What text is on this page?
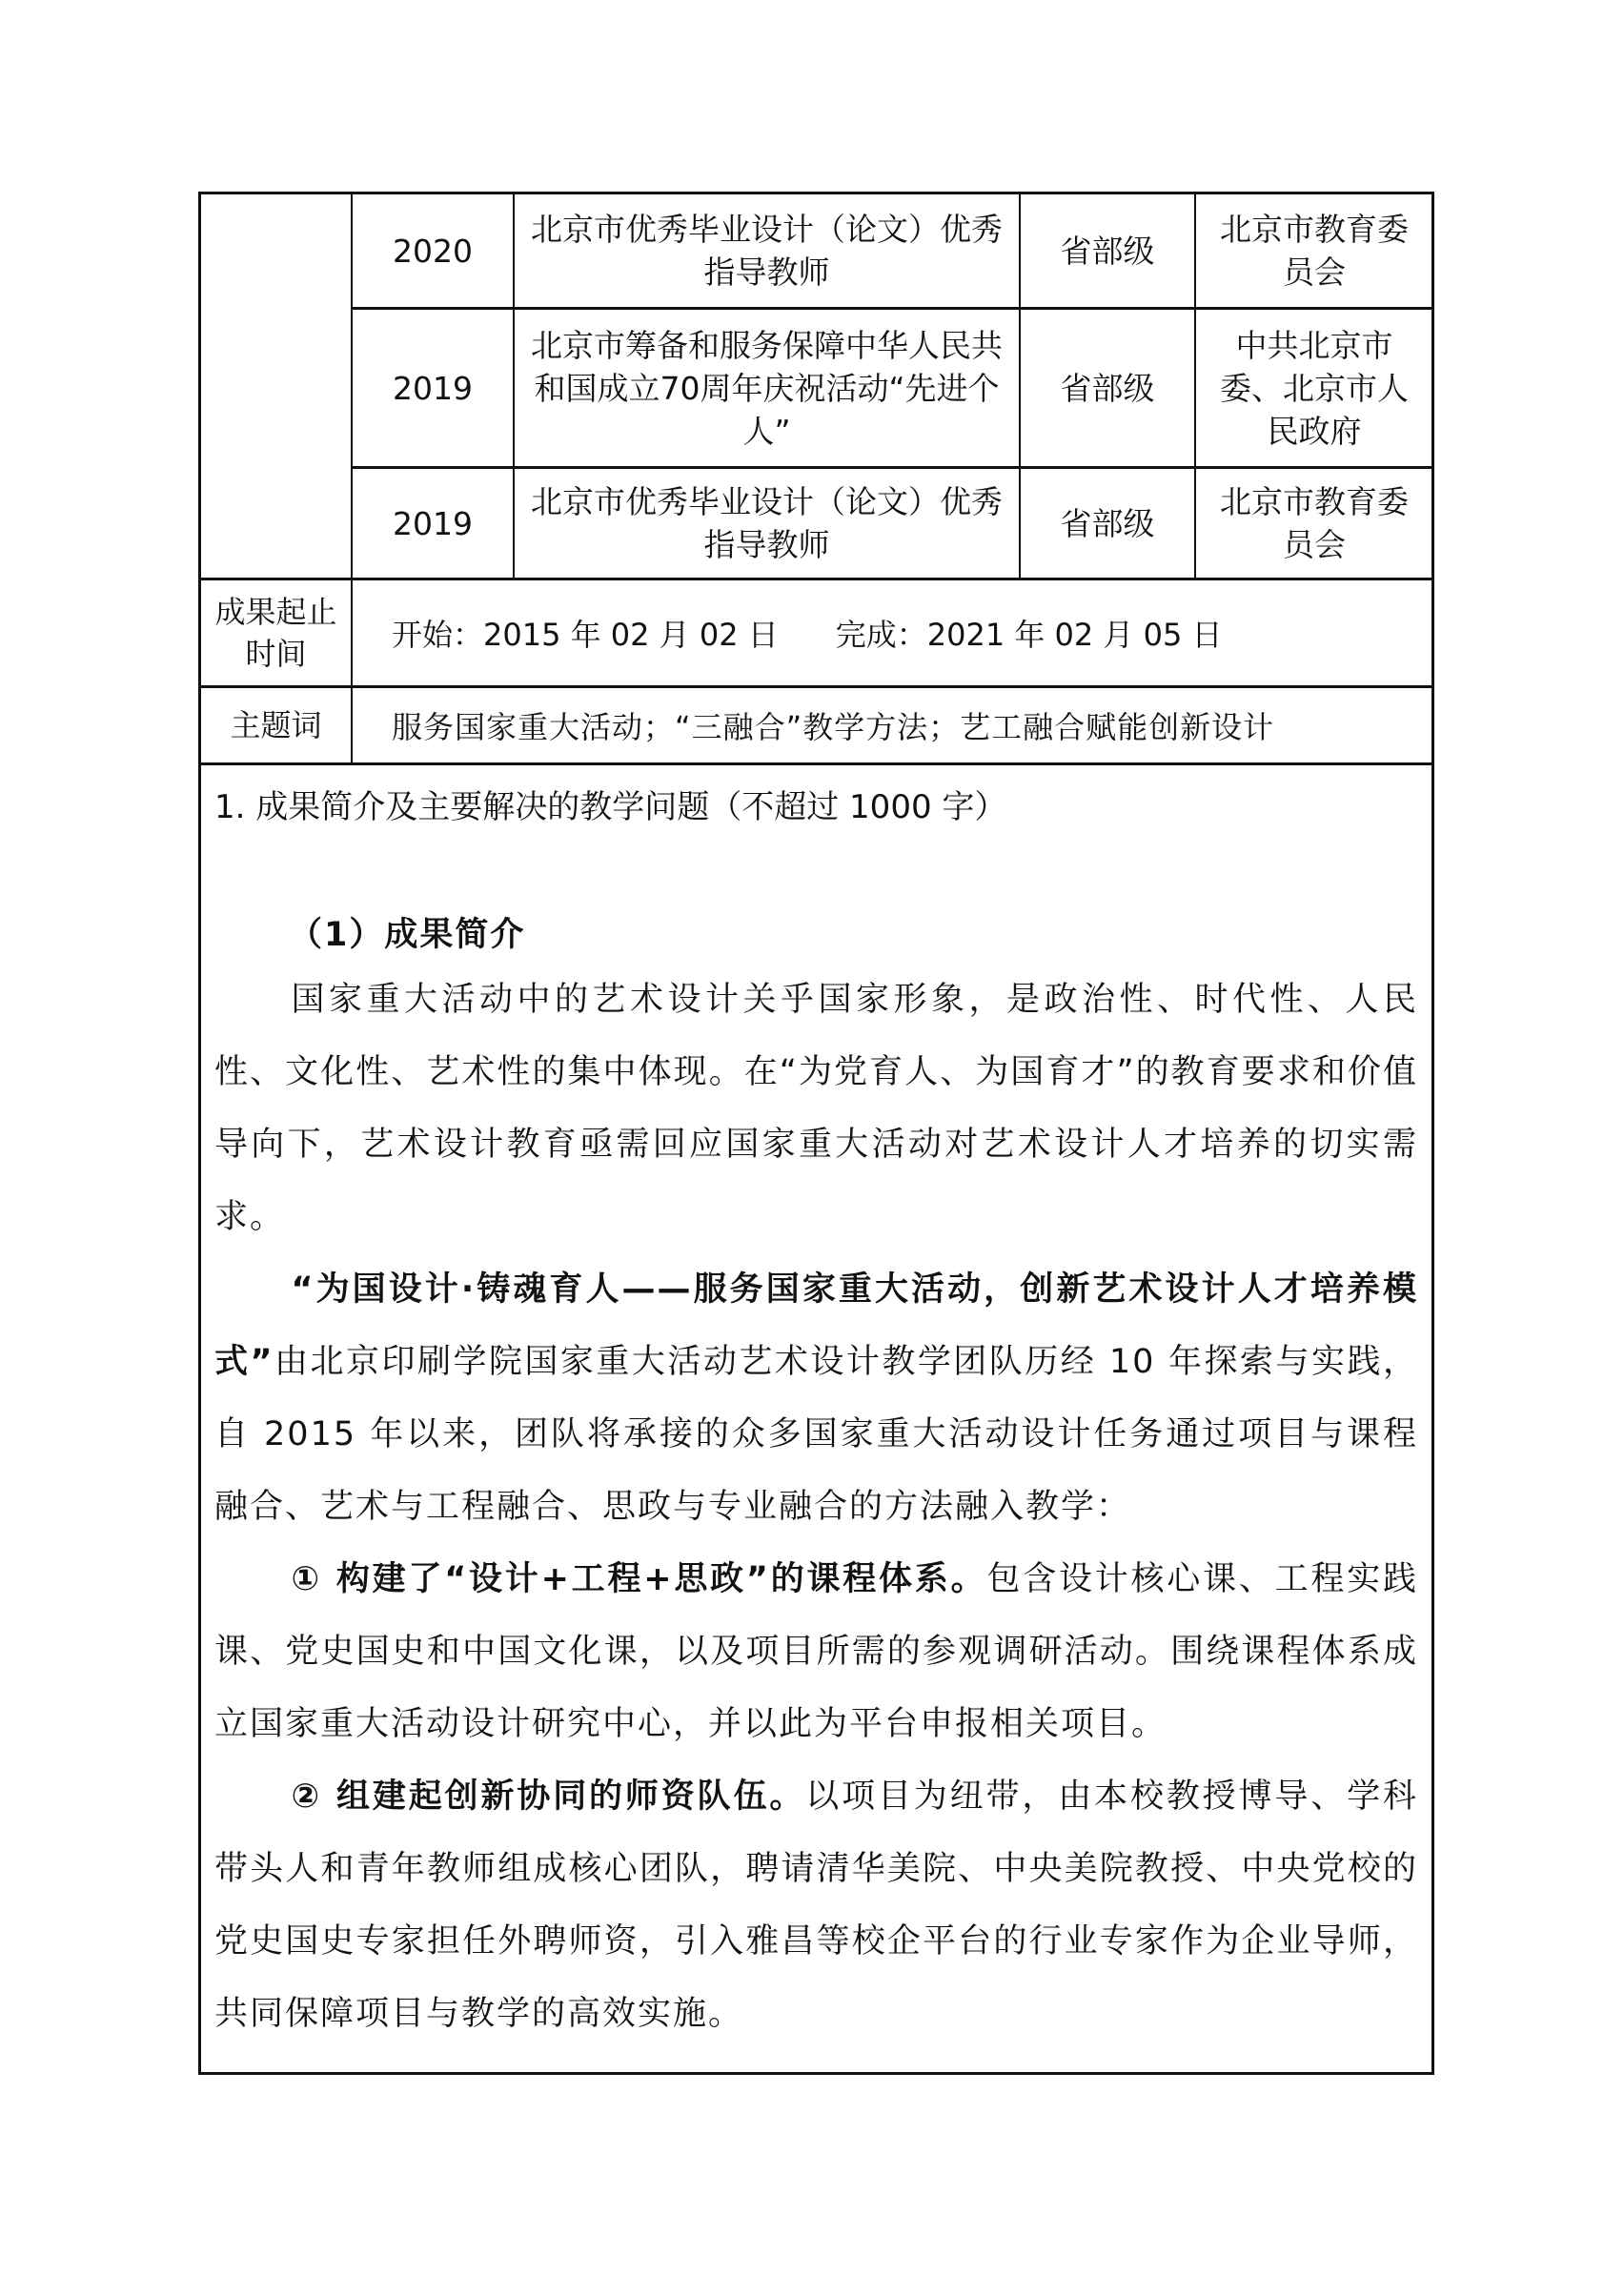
2020
北京市优秀毕业设计（论文）优秀指导教师
省部级
北京市教育委员会
2019
北京市筹备和服务保障中华人民共和国成立70周年庆祝活动“先进个人”
省部级
中共北京市委、北京市人民政府
2019
北京市优秀毕业设计（论文）优秀指导教师
省部级
北京市教育委员会
成果起止时间
开始：2015 年 02 月 02 日 完成：2021 年 02 月 05 日
主题词	服务国家重大活动；“三融合”教学方法；艺工融合赋能创新设计
1. 成果简介及主要解决的教学问题（不超过 1000 字）

（1）成果简介

国家重大活动中的艺术设计关乎国家形象，是政治性、时代性、人民性、文化性、艺术性的集中体现。在“为党育人、为国育才”的教育要求和价值导向下，艺术设计教育亟需回应国家重大活动对艺术设计人才培养的切实需求。

“为国设计·铸魂育人——服务国家重大活动，创新艺术设计人才培养模式”由北京印刷学院国家重大活动艺术设计教学团队历经 10 年探索与实践，自 2015 年以来，团队将承接的众多国家重大活动设计任务通过项目与课程融合、艺术与工程融合、思政与专业融合的方法融入教学：

① 构建了“设计+工程+思政”的课程体系。包含设计核心课、工程实践课、党史国史和中国文化课，以及项目所需的参观调研活动。围绕课程体系成立国家重大活动设计研究中心，并以此为平台申报相关项目。

② 组建起创新协同的师资队伍。以项目为纽带，由本校教授博导、学科带头人和青年教师组成核心团队，聘请清华美院、中央美院教授、中央党校的党史国史专家担任外聘师资，引入雅昌等校企平台的行业专家作为企业导师，共同保障项目与教学的高效实施。
